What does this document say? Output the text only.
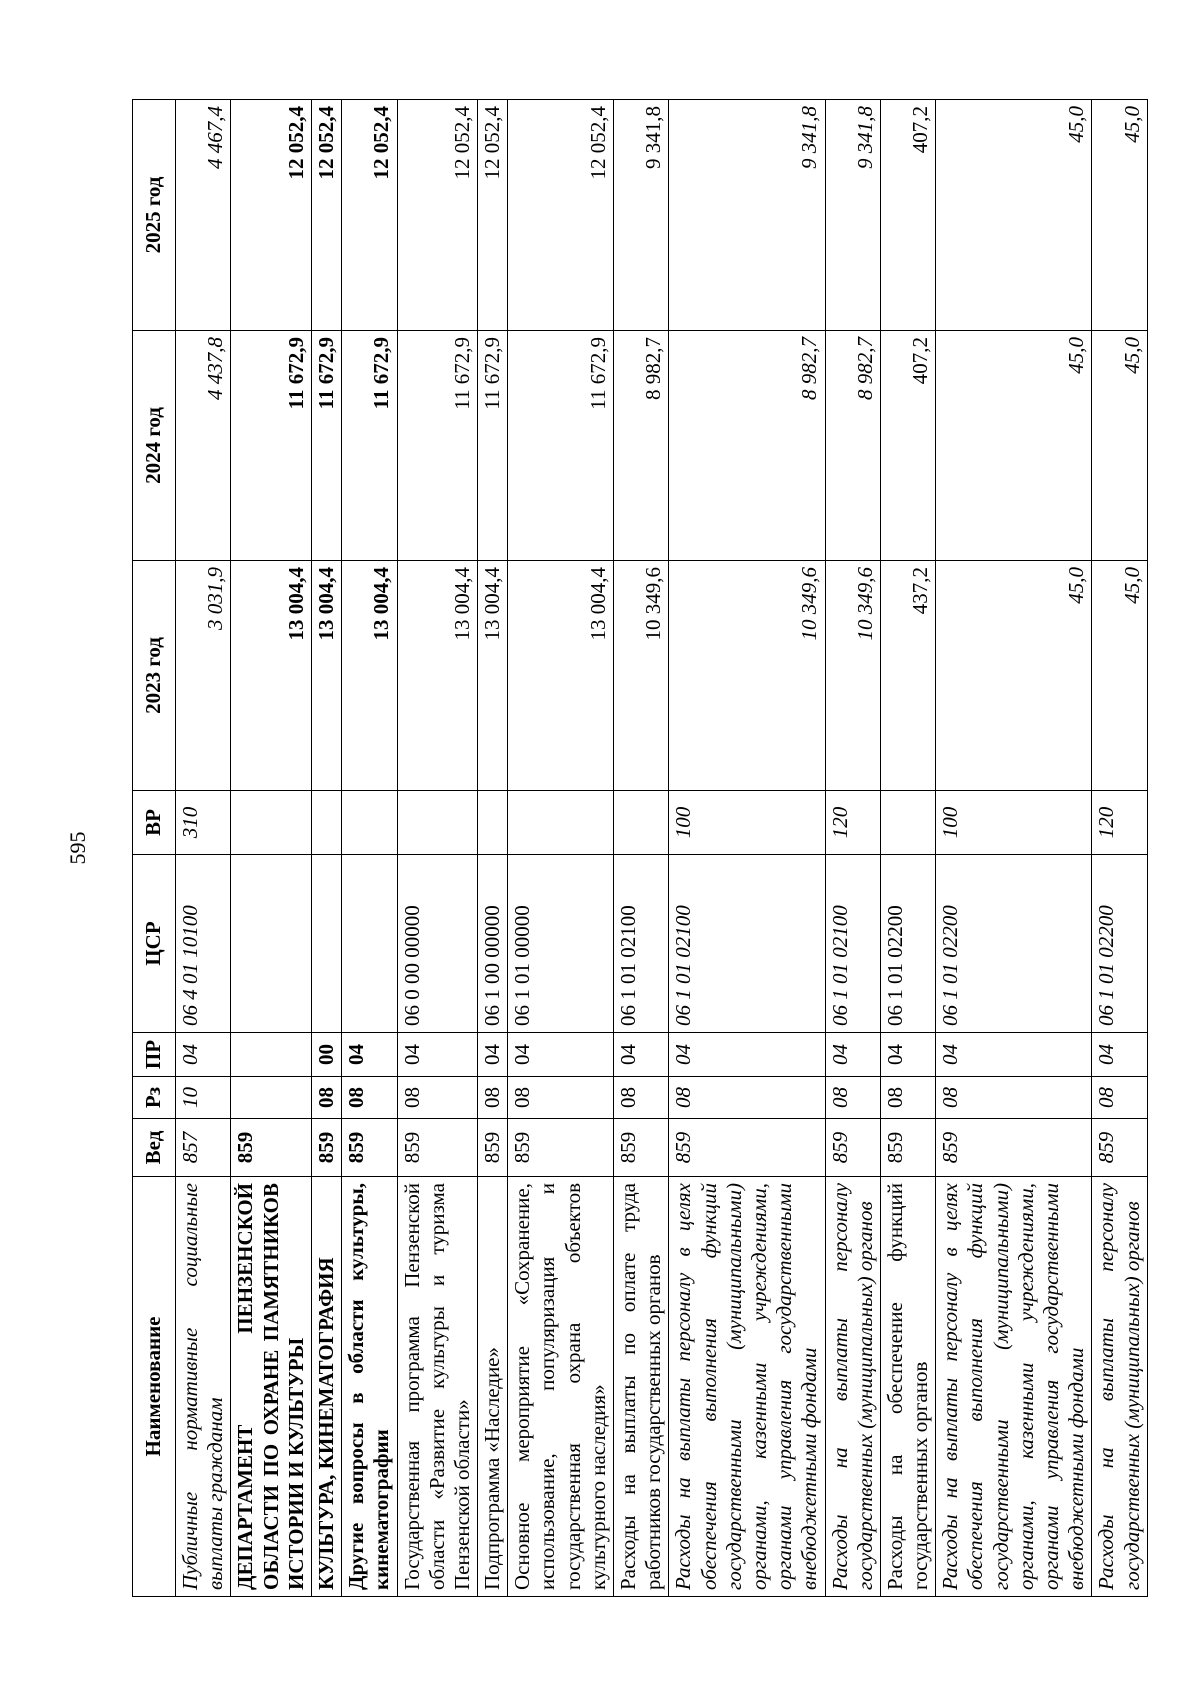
595
Наименование	Вед	Рз	ПР	ЦСР	ВР	2023 год	2024 год	2025 год
Публичные нормативные социальные выплаты гражданам	857	10	04	06 4 01 10100	310	3 031,9	4 437,8	4 467,4
ДЕПАРТАМЕНТ ПЕНЗЕНСКОЙ ОБЛАСТИ ПО ОХРАНЕ ПАМЯТНИКОВ ИСТОРИИ И КУЛЬТУРЫ	859					13 004,4	11 672,9	12 052,4
КУЛЬТУРА, КИНЕМАТОГРАФИЯ	859	08	00			13 004,4	11 672,9	12 052,4
Другие вопросы в области культуры, кинематографии	859	08	04			13 004,4	11 672,9	12 052,4
Государственная программа Пензенской области «Развитие культуры и туризма Пензенской области»	859	08	04	06 0 00 00000		13 004,4	11 672,9	12 052,4
Подпрограмма «Наследие»	859	08	04	06 1 00 00000		13 004,4	11 672,9	12 052,4
Основное мероприятие «Сохранение, использование, популяризация и государственная охрана объектов культурного наследия»	859	08	04	06 1 01 00000		13 004,4	11 672,9	12 052,4
Расходы на выплаты по оплате труда работников государственных органов	859	08	04	06 1 01 02100		10 349,6	8 982,7	9 341,8
Расходы на выплаты персоналу в целях обеспечения выполнения функций государственными (муниципальными) органами, казенными учреждениями, органами управления государственными внебюджетными фондами	859	08	04	06 1 01 02100	100	10 349,6	8 982,7	9 341,8
Расходы на выплаты персоналу государственных (муниципальных) органов	859	08	04	06 1 01 02100	120	10 349,6	8 982,7	9 341,8
Расходы на обеспечение функций государственных органов	859	08	04	06 1 01 02200		437,2	407,2	407,2
Расходы на выплаты персоналу в целях обеспечения выполнения функций государственными (муниципальными) органами, казенными учреждениями, органами управления государственными внебюджетными фондами	859	08	04	06 1 01 02200	100	45,0	45,0	45,0
Расходы на выплаты персоналу государственных (муниципальных) органов	859	08	04	06 1 01 02200	120	45,0	45,0	45,0
